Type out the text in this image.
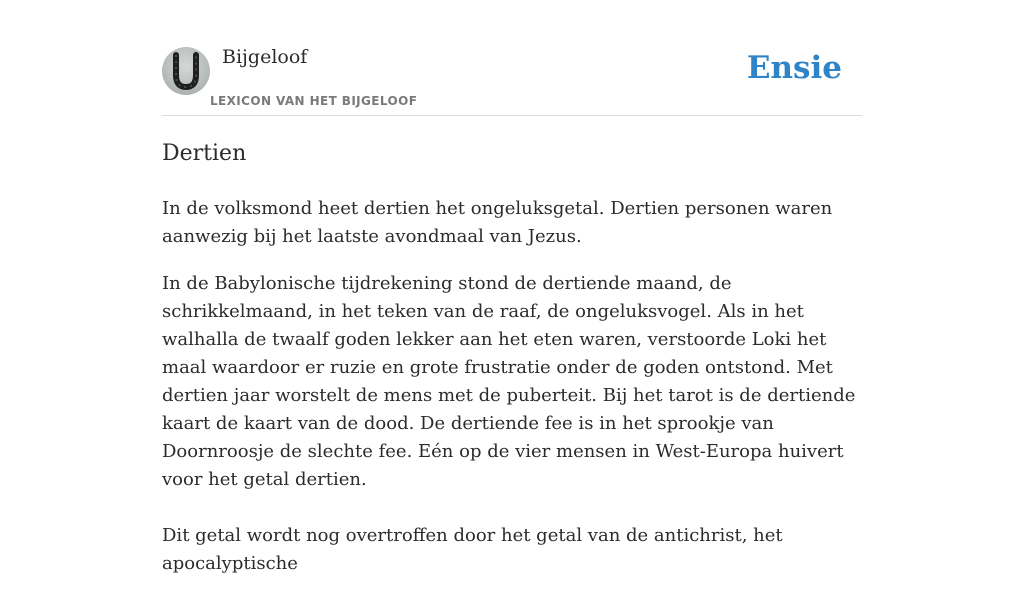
Bijgeloof
LEXICON VAN HET BIJGELOOF
Ensie
Dertien

In de volksmond heet dertien het ongeluksgetal. Dertien personen waren aanwezig bij het laatste avondmaal van Jezus.

In de Babylonische tijdrekening stond de dertiende maand, de schrikkelmaand, in het teken van de raaf, de ongeluksvogel. Als in het walhalla de twaalf goden lekker aan het eten waren, verstoorde Loki het maal waardoor er ruzie en grote frustratie onder de goden ontstond. Met dertien jaar worstelt de mens met de puberteit. Bij het tarot is de dertiende kaart de kaart van de dood. De dertiende fee is in het sprookje van Doornroosje de slechte fee. Eén op de vier mensen in West-Europa huivert voor het getal dertien.

Dit getal wordt nog overtroffen door het getal van de antichrist, het apocalyptische
